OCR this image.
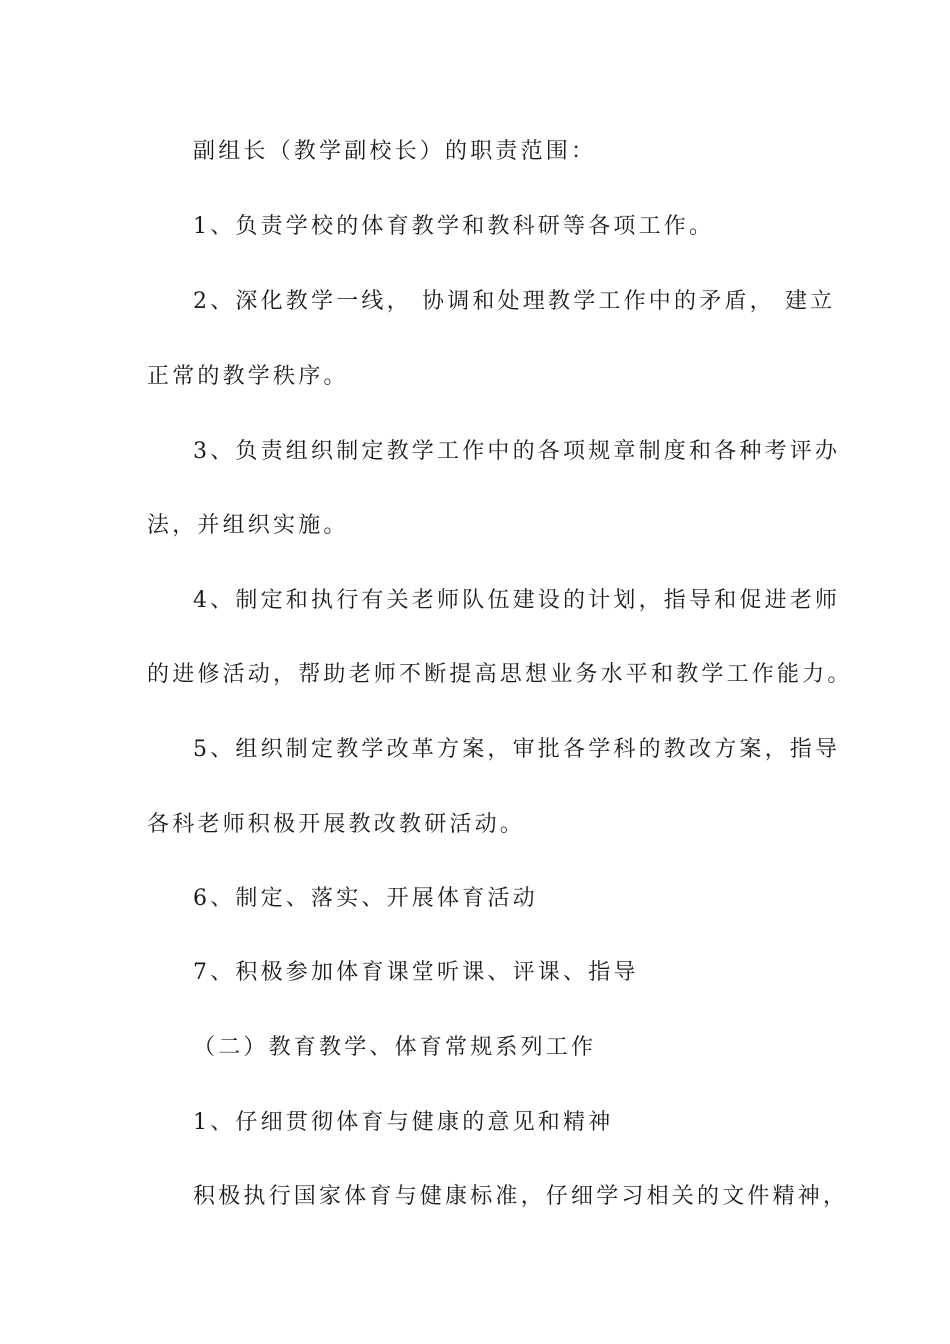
副组长（教学副校长）的职责范围：
1、负责学校的体育教学和教科研等各项工作。
2、深化教学一线， 协调和处理教学工作中的矛盾， 建立
正常的教学秩序。
3、负责组织制定教学工作中的各项规章制度和各种考评办
法，并组织实施。
4、制定和执行有关老师队伍建设的计划，指导和促进老师
的进修活动，帮助老师不断提高思想业务水平和教学工作能力。
5、组织制定教学改革方案，审批各学科的教改方案，指导
各科老师积极开展教改教研活动。
6、制定、落实、开展体育活动
7、积极参加体育课堂听课、评课、指导
（二）教育教学、体育常规系列工作
1、仔细贯彻体育与健康的意见和精神
积极执行国家体育与健康标准，仔细学习相关的文件精神，
